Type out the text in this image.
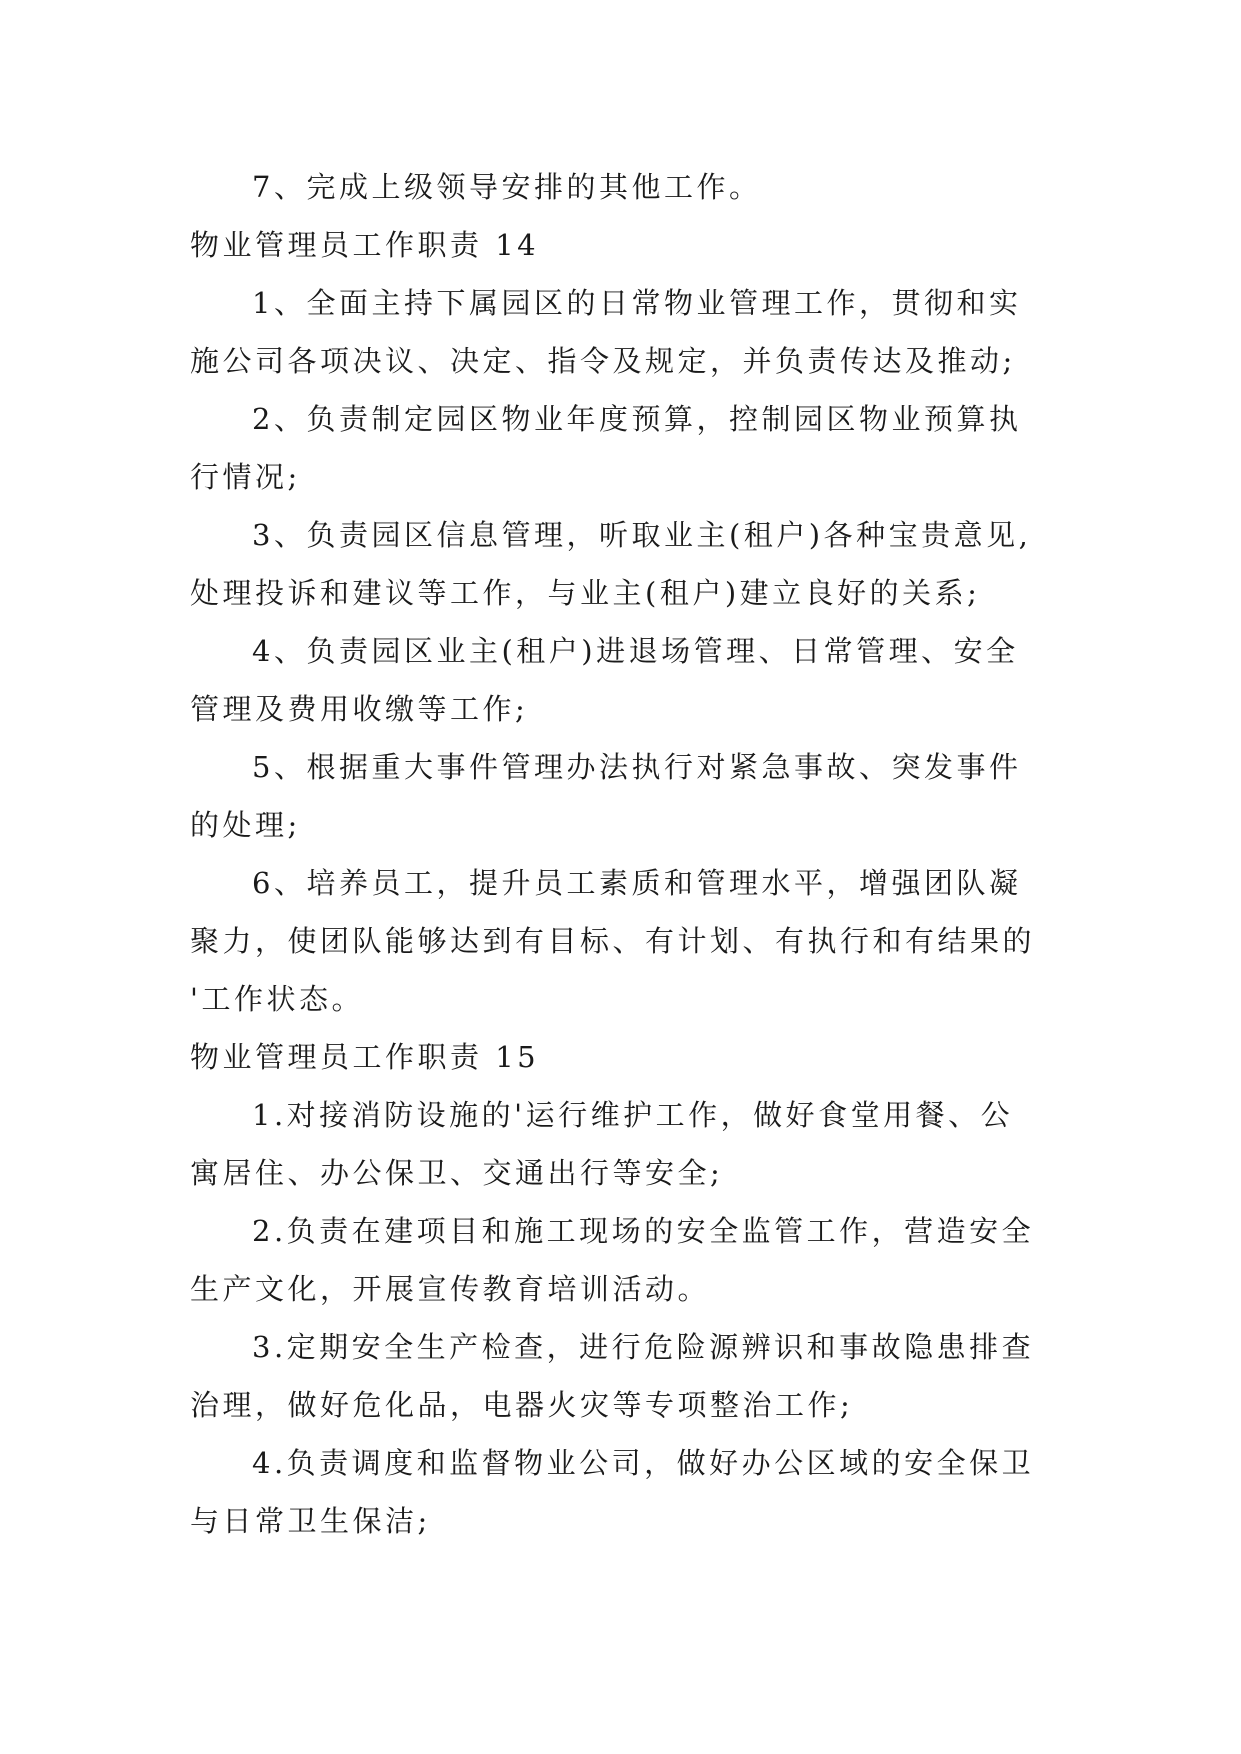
7、完成上级领导安排的其他工作。
物业管理员工作职责 14
1、全面主持下属园区的日常物业管理工作，贯彻和实
施公司各项决议、决定、指令及规定，并负责传达及推动;
2、负责制定园区物业年度预算，控制园区物业预算执
行情况;
3、负责园区信息管理，听取业主(租户)各种宝贵意见,
处理投诉和建议等工作，与业主(租户)建立良好的关系;
4、负责园区业主(租户)进退场管理、日常管理、安全
管理及费用收缴等工作;
5、根据重大事件管理办法执行对紧急事故、突发事件
的处理;
6、培养员工，提升员工素质和管理水平，增强团队凝
聚力，使团队能够达到有目标、有计划、有执行和有结果的
'工作状态。
物业管理员工作职责 15
1.对接消防设施的'运行维护工作，做好食堂用餐、公
寓居住、办公保卫、交通出行等安全;
2.负责在建项目和施工现场的安全监管工作，营造安全
生产文化，开展宣传教育培训活动。
3.定期安全生产检查，进行危险源辨识和事故隐患排查
治理，做好危化品，电器火灾等专项整治工作;
4.负责调度和监督物业公司，做好办公区域的安全保卫
与日常卫生保洁;
